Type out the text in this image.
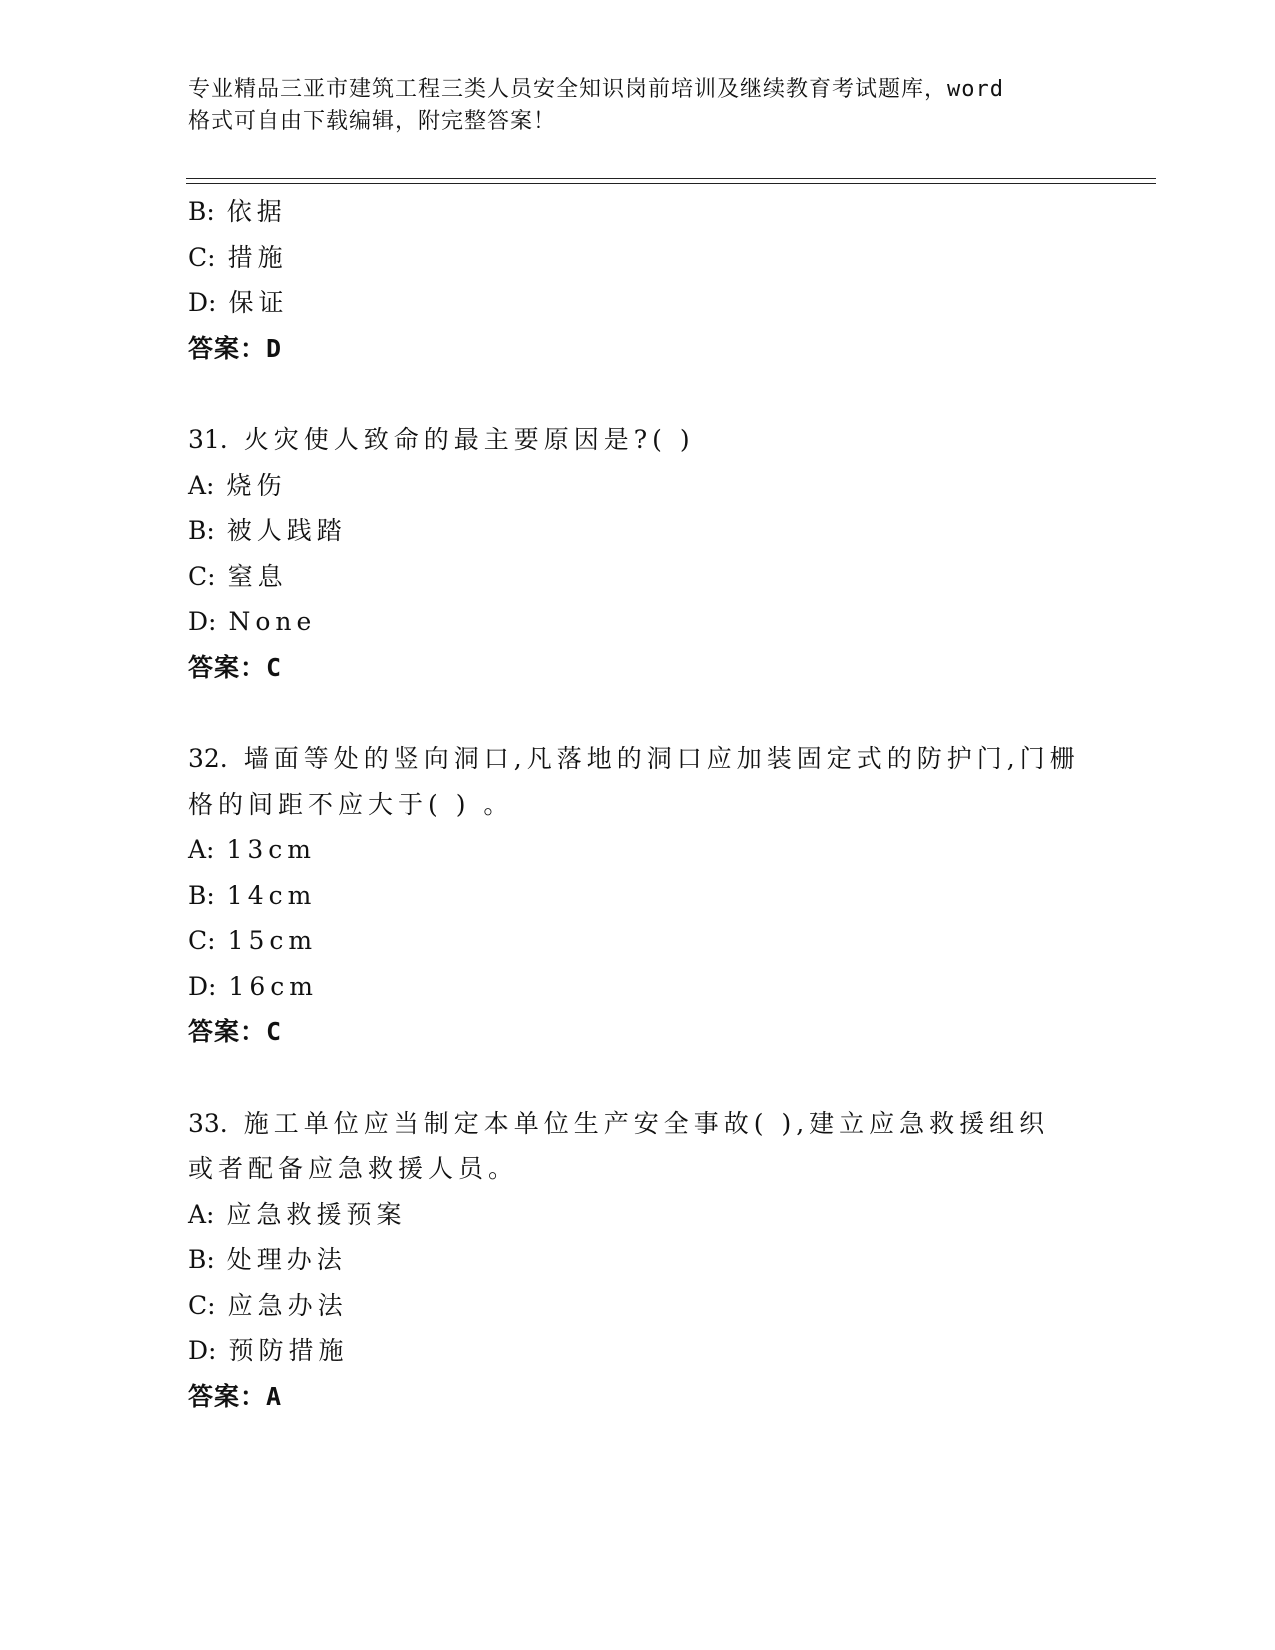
专业精品三亚市建筑工程三类人员安全知识岗前培训及继续教育考试题库，word
格式可自由下载编辑，附完整答案！
B: 依据
C: 措施
D: 保证
答案：D
31. 火灾使人致命的最主要原因是?( )
A: 烧伤
B: 被人践踏
C: 窒息
D: None
答案：C
32. 墙面等处的竖向洞口,凡落地的洞口应加装固定式的防护门,门栅
格的间距不应大于( ) 。
A: 13cm
B: 14cm
C: 15cm
D: 16cm
答案：C
33. 施工单位应当制定本单位生产安全事故( ),建立应急救援组织
或者配备应急救援人员。
A: 应急救援预案
B: 处理办法
C: 应急办法
D: 预防措施
答案：A
